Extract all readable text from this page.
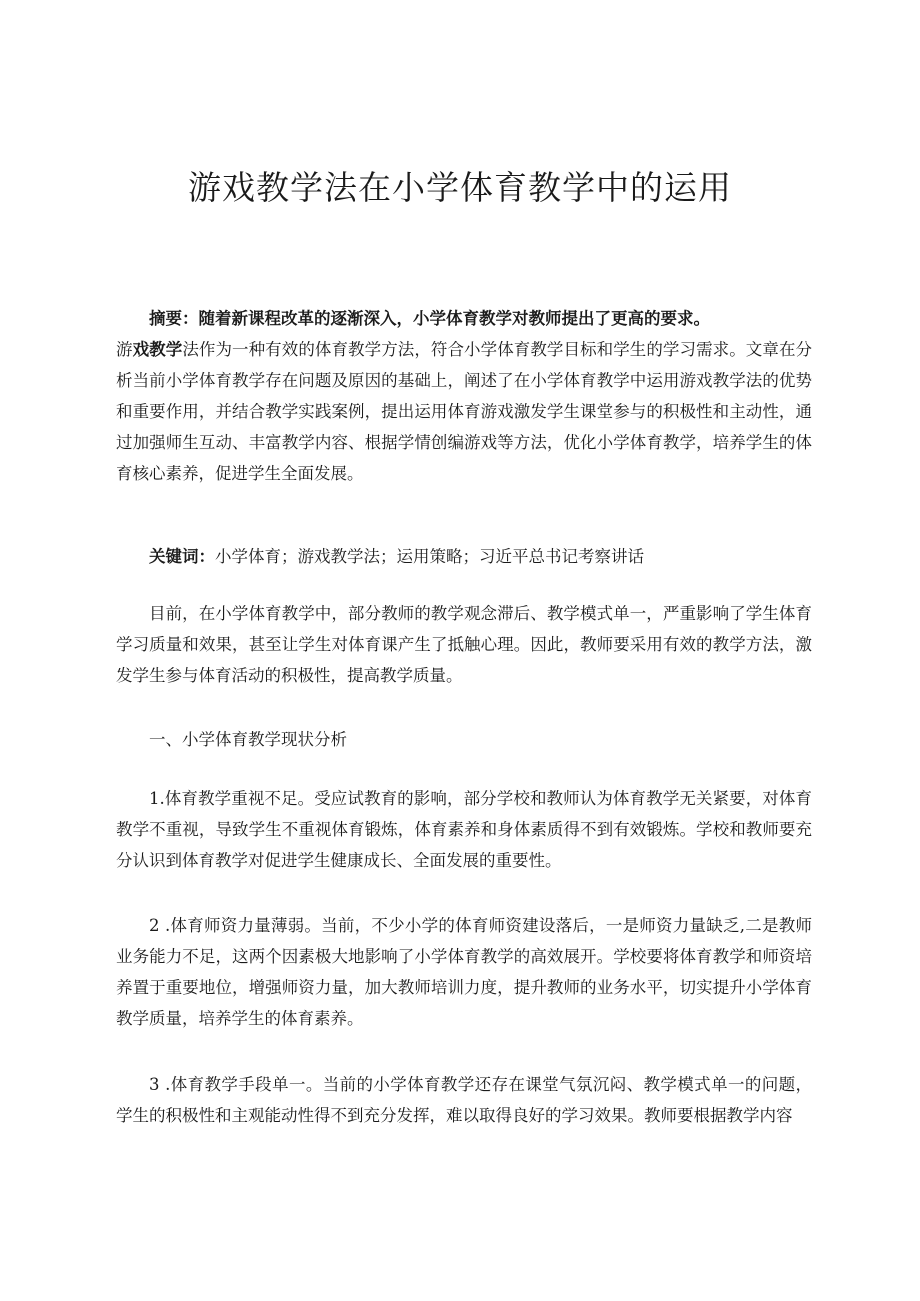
游戏教学法在小学体育教学中的运用

摘要：随着新课程改革的逐渐深入，小学体育教学对教师提出了更高的要求。
游戏教学法作为一种有效的体育教学方法，符合小学体育教学目标和学生的学习需求。文章在分析当前小学体育教学存在问题及原因的基础上，阐述了在小学体育教学中运用游戏教学法的优势和重要作用，并结合教学实践案例，提出运用体育游戏激发学生课堂参与的积极性和主动性，通过加强师生互动、丰富教学内容、根据学情创编游戏等方法，优化小学体育教学，培养学生的体育核心素养，促进学生全面发展。

关键词：小学体育；游戏教学法；运用策略；习近平总书记考察讲话

目前，在小学体育教学中，部分教师的教学观念滞后、教学模式单一，严重影响了学生体育学习质量和效果，甚至让学生对体育课产生了抵触心理。因此，教师要采用有效的教学方法，激发学生参与体育活动的积极性，提高教学质量。

一、小学体育教学现状分析

1.体育教学重视不足。受应试教育的影响，部分学校和教师认为体育教学无关紧要，对体育教学不重视，导致学生不重视体育锻炼，体育素养和身体素质得不到有效锻炼。学校和教师要充分认识到体育教学对促进学生健康成长、全面发展的重要性。

2 .体育师资力量薄弱。当前，不少小学的体育师资建设落后，一是师资力量缺乏,二是教师业务能力不足，这两个因素极大地影响了小学体育教学的高效展开。学校要将体育教学和师资培养置于重要地位，增强师资力量，加大教师培训力度，提升教师的业务水平，切实提升小学体育教学质量，培养学生的体育素养。

3 .体育教学手段单一。当前的小学体育教学还存在课堂气氛沉闷、教学模式单一的问题，学生的积极性和主观能动性得不到充分发挥，难以取得良好的学习效果。教师要根据教学内容
